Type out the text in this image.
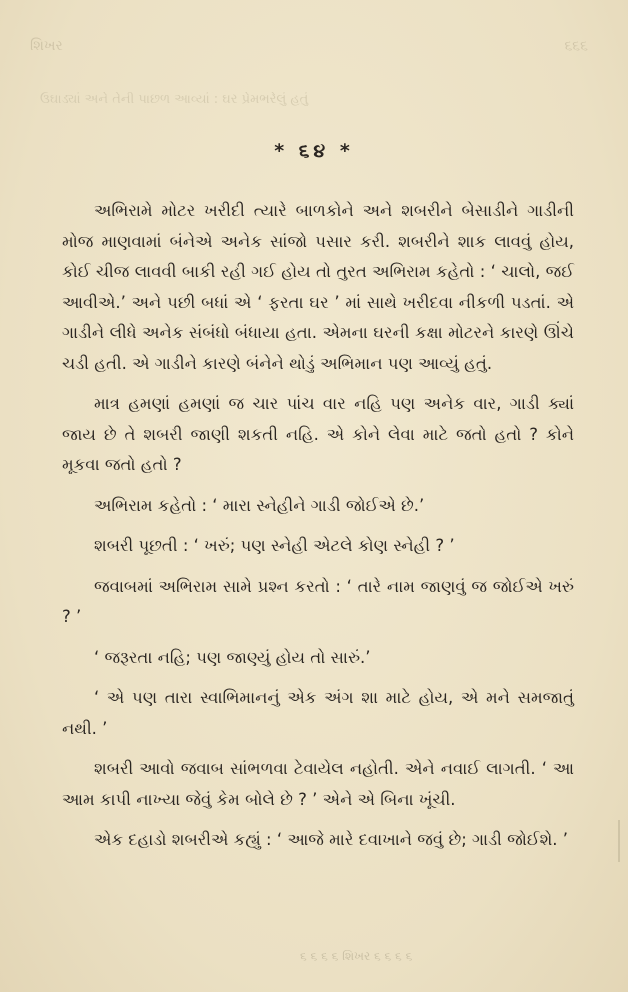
શિખર	૬૬૬
ઉઘાડ્યાં અને તેની પાછળ આવ્યાં : ઘર પ્રેમભરેલું હતું
* ૬૪ *

અભિરામે મોટર ખરીદી ત્યારે બાળકોને અને શબરીને બેસાડીને ગાડીની મોજ માણવામાં બંનેએ અનેક સાંજો પસાર કરી. શબરીને શાક લાવવું હોય, કોઈ ચીજ લાવવી બાકી રહી ગઈ હોય તો તુરત અભિરામ કહેતો : ‘ ચાલો, જઈ આવીએ.’ અને પછી બધાં એ ‘ ફરતા ઘર ’ માં સાથે ખરીદવા નીકળી પડતાં. એ ગાડીને લીધે અનેક સંબંધો બંધાયા હતા. એમના ઘરની કક્ષા મોટરને કારણે ઊંચે ચડી હતી. એ ગાડીને કારણે બંનેને થોડું અભિમાન પણ આવ્યું હતું.

માત્ર હમણાં હમણાં જ ચાર પાંચ વાર નહિ પણ અનેક વાર, ગાડી ક્યાં જાય છે તે શબરી જાણી શકતી નહિ. એ કોને લેવા માટે જતો હતો ? કોને મૂકવા જતો હતો ?

અભિરામ કહેતો : ‘ મારા સ્નેહીને ગાડી જોઈએ છે.’

શબરી પૂછતી : ‘ ખરું; પણ સ્નેહી એટલે કોણ સ્નેહી ? ’

જવાબમાં અભિરામ સામે પ્રશ્ન કરતો : ‘ તારે નામ જાણવું જ જોઈએ ખરું ? ’

‘ જરૂરતા નહિ; પણ જાણ્યું હોય તો સારું.’

‘ એ પણ તારા સ્વાભિમાનનું એક અંગ શા માટે હોય, એ મને સમજાતું નથી. ’

શબરી આવો જવાબ સાંભળવા ટેવાયેલ નહોતી. એને નવાઈ લાગતી. ‘ આ આમ કાપી નાખ્યા જેવું કેમ બોલે છે ? ’ એને એ બિના ખૂંચી.

એક દહાડો શબરીએ કહ્યું : ‘ આજે મારે દવાખાને જવું છે; ગાડી જોઈશે. ’

૬ ૬ ૬ ૬ શિખર ૬ ૬ ૬ ૬
